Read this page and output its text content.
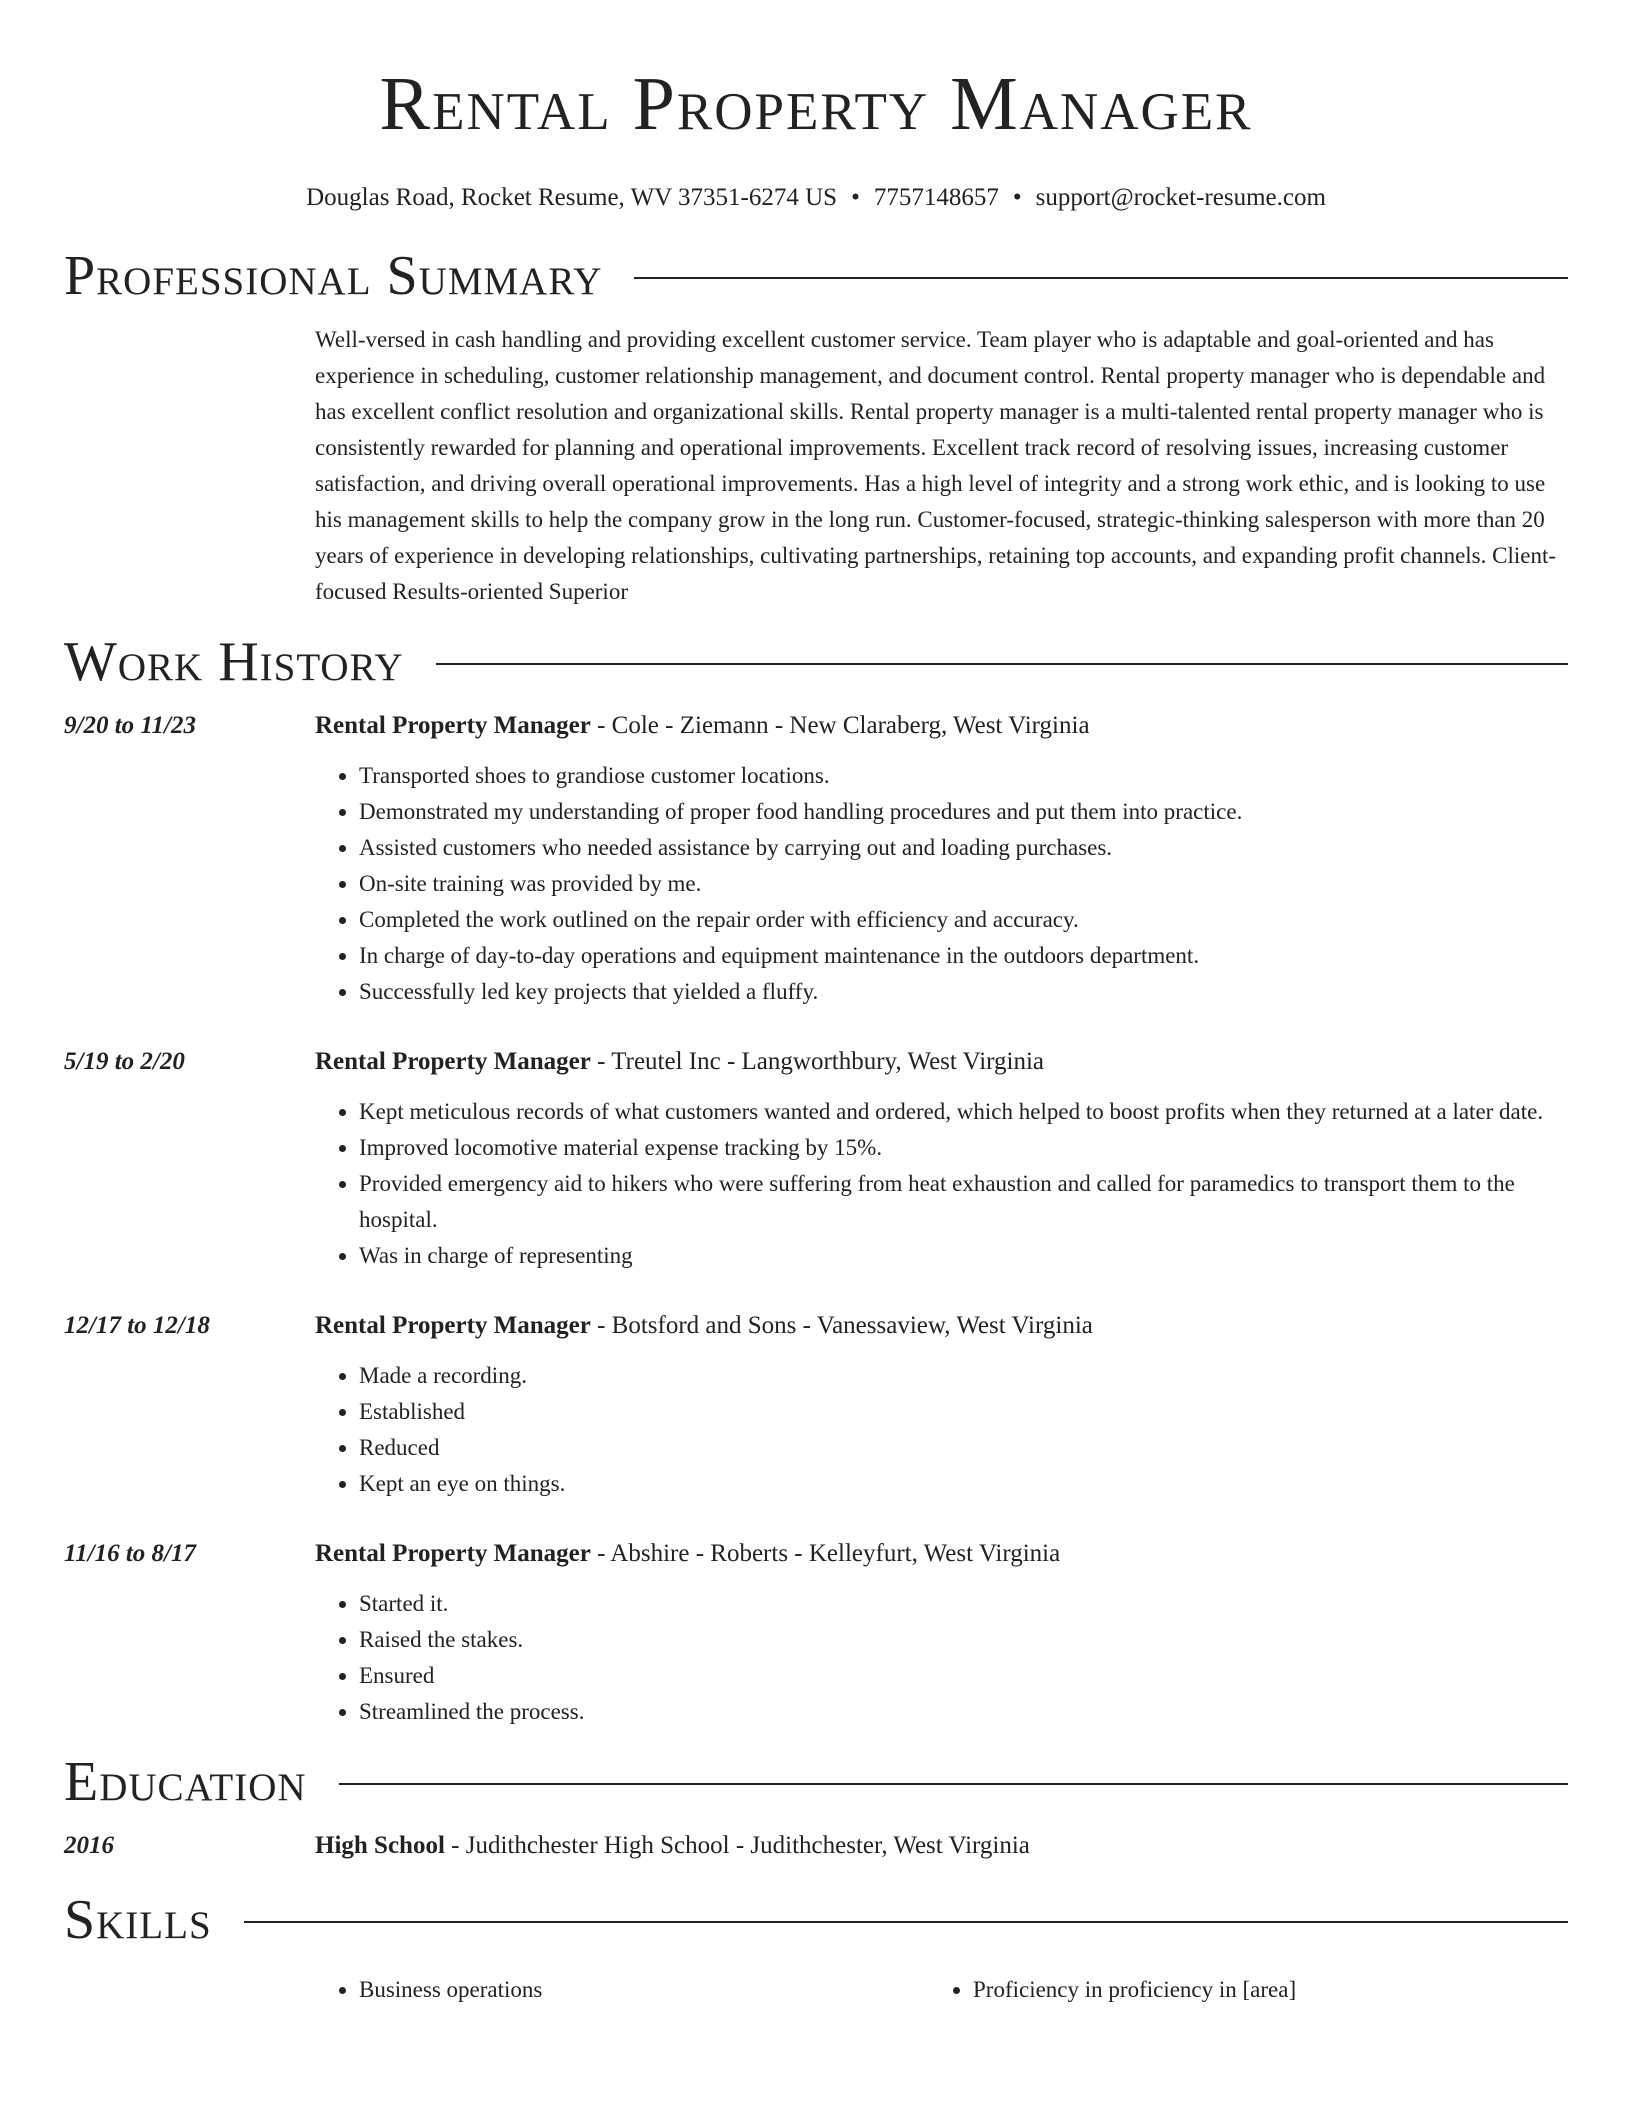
Rental Property Manager
Douglas Road, Rocket Resume, WV 37351-6274 US • 7757148657 • support@rocket-resume.com
Professional Summary
Well-versed in cash handling and providing excellent customer service. Team player who is adaptable and goal-oriented and has experience in scheduling, customer relationship management, and document control. Rental property manager who is dependable and has excellent conflict resolution and organizational skills. Rental property manager is a multi-talented rental property manager who is consistently rewarded for planning and operational improvements. Excellent track record of resolving issues, increasing customer satisfaction, and driving overall operational improvements. Has a high level of integrity and a strong work ethic, and is looking to use his management skills to help the company grow in the long run. Customer-focused, strategic-thinking salesperson with more than 20 years of experience in developing relationships, cultivating partnerships, retaining top accounts, and expanding profit channels. Client-focused Results-oriented Superior
Work History
9/20 to 11/23	Rental Property Manager - Cole - Ziemann - New Claraberg, West Virginia
• Transported shoes to grandiose customer locations.
• Demonstrated my understanding of proper food handling procedures and put them into practice.
• Assisted customers who needed assistance by carrying out and loading purchases.
• On-site training was provided by me.
• Completed the work outlined on the repair order with efficiency and accuracy.
• In charge of day-to-day operations and equipment maintenance in the outdoors department.
• Successfully led key projects that yielded a fluffy.
5/19 to 2/20	Rental Property Manager - Treutel Inc - Langworthbury, West Virginia
• Kept meticulous records of what customers wanted and ordered, which helped to boost profits when they returned at a later date.
• Improved locomotive material expense tracking by 15%.
• Provided emergency aid to hikers who were suffering from heat exhaustion and called for paramedics to transport them to the hospital.
• Was in charge of representing
12/17 to 12/18	Rental Property Manager - Botsford and Sons - Vanessaview, West Virginia
• Made a recording.
• Established
• Reduced
• Kept an eye on things.
11/16 to 8/17	Rental Property Manager - Abshire - Roberts - Kelleyfurt, West Virginia
• Started it.
• Raised the stakes.
• Ensured
• Streamlined the process.
Education
2016	High School - Judithchester High School - Judithchester, West Virginia
Skills
• Business operations
•	Proficiency in proficiency in [area]
